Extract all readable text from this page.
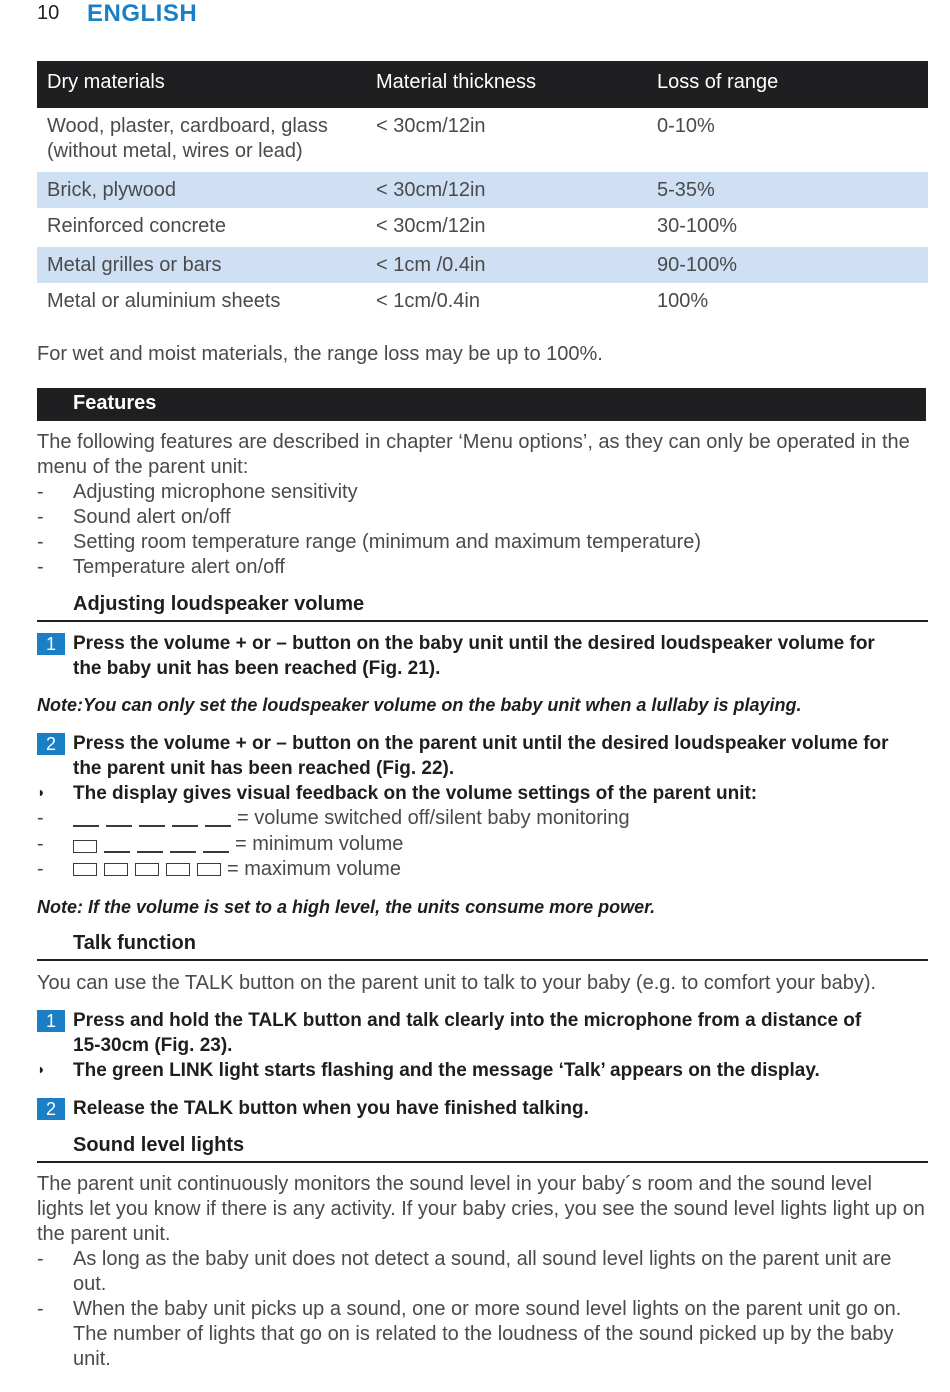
10 ENGLISH
Dry materials	Material thickness	Loss of range
Wood, plaster, cardboard, glass
(without metal, wires or lead)
< 30cm/12in	0-10%
Brick, plywood	< 30cm/12in	5-35%
Reinforced concrete	< 30cm/12in	30-100%
Metal grilles or bars	< 1cm /0.4in	90-100%
Metal or aluminium sheets	< 1cm/0.4in	100%
For wet and moist materials, the range loss may be up to 100%.
Features
The following features are described in chapter ‘Menu options’, as they can only be operated in the
menu of the parent unit:
- Adjusting microphone sensitivity
- Sound alert on/off
- Setting room temperature range (minimum and maximum temperature)
- Temperature alert on/off
Adjusting loudspeaker volume
1 Press the volume + or – button on the baby unit until the desired loudspeaker volume for
the baby unit has been reached (Fig. 21).
Note:You can only set the loudspeaker volume on the baby unit when a lullaby is playing.
2 Press the volume + or – button on the parent unit until the desired loudspeaker volume for
the parent unit has been reached (Fig. 22).
◗ The display gives visual feedback on the volume settings of the parent unit:
-	= volume switched off/silent baby monitoring
-	= minimum volume
-	= maximum volume
Note: If the volume is set to a high level, the units consume more power.
Talk function
You can use the TALK button on the parent unit to talk to your baby (e.g. to comfort your baby).
1 Press and hold the TALK button and talk clearly into the microphone from a distance of
15-30cm (Fig. 23).
◗ The green LINK light starts flashing and the message ‘Talk’ appears on the display.
2 Release the TALK button when you have finished talking.
Sound level lights
The parent unit continuously monitors the sound level in your baby´s room and the sound level
lights let you know if there is any activity. If your baby cries, you see the sound level lights light up on
the parent unit.
- As long as the baby unit does not detect a sound, all sound level lights on the parent unit are
out.
- When the baby unit picks up a sound, one or more sound level lights on the parent unit go on.
The number of lights that go on is related to the loudness of the sound picked up by the baby
unit.
